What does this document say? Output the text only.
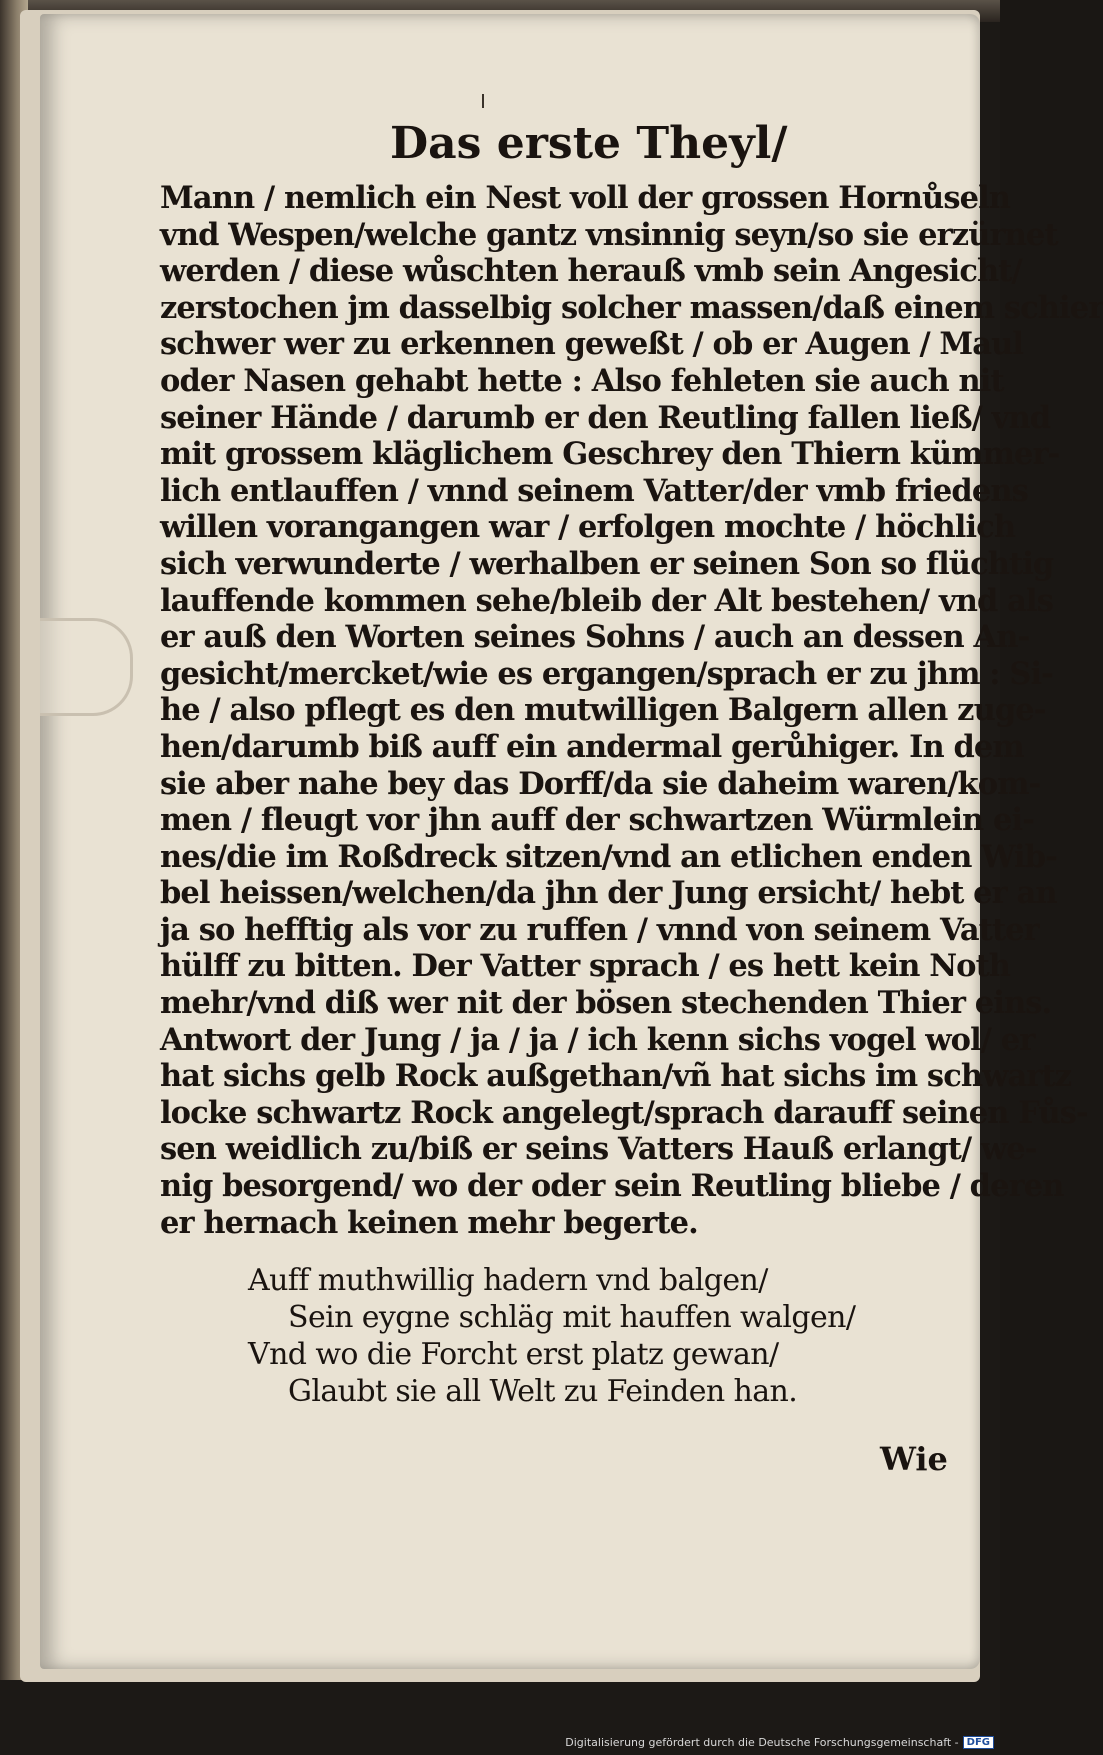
Das erste Theyl/
Mann / nemlich ein Nest voll der grossen Hornůseln
vnd Wespen/welche gantz vnsinnig seyn/so sie erzürnet
werden / diese wůschten herauß vmb sein Angesicht/
zerstochen jm dasselbig solcher massen/daß einem schier
schwer wer zu erkennen geweßt / ob er Augen / Maul
oder Nasen gehabt hette : Also fehleten sie auch nit
seiner Hände / darumb er den Reutling fallen ließ/ vnd
mit grossem kläglichem Geschrey den Thiern kümmer-
lich entlauffen / vnnd seinem Vatter/der vmb friedens
willen vorangangen war / erfolgen mochte / höchlich
sich verwunderte / werhalben er seinen Son so flüchtig
lauffende kommen sehe/bleib der Alt bestehen/ vnd als
er auß den Worten seines Sohns / auch an dessen An-
gesicht/mercket/wie es ergangen/sprach er zu jhm : Si-
he / also pflegt es den mutwilligen Balgern allen zuge-
hen/darumb biß auff ein andermal gerůhiger. In dem
sie aber nahe bey das Dorff/da sie daheim waren/kom-
men / fleugt vor jhn auff der schwartzen Würmlein ei-
nes/die im Roßdreck sitzen/vnd an etlichen enden Wib-
bel heissen/welchen/da jhn der Jung ersicht/ hebt er an
ja so hefftig als vor zu ruffen / vnnd von seinem Vatter
hülff zu bitten. Der Vatter sprach / es hett kein Noth
mehr/vnd diß wer nit der bösen stechenden Thier eins.
Antwort der Jung / ja / ja / ich kenn sichs vogel wol/ er
hat sichs gelb Rock außgethan/vñ hat sichs im schwartz
locke schwartz Rock angelegt/sprach darauff seinen Fůs-
sen weidlich zu/biß er seins Vatters Hauß erlangt/ we-
nig besorgend/ wo der oder sein Reutling bliebe / deren
er hernach keinen mehr begerte.
Auff muthwillig hadern vnd balgen/
Sein eygne schläg mit hauffen walgen/
Vnd wo die Forcht erst platz gewan/
Glaubt sie all Welt zu Feinden han.
Wie
Digitalisierung gefördert durch die Deutsche Forschungsgemeinschaft - DFG
